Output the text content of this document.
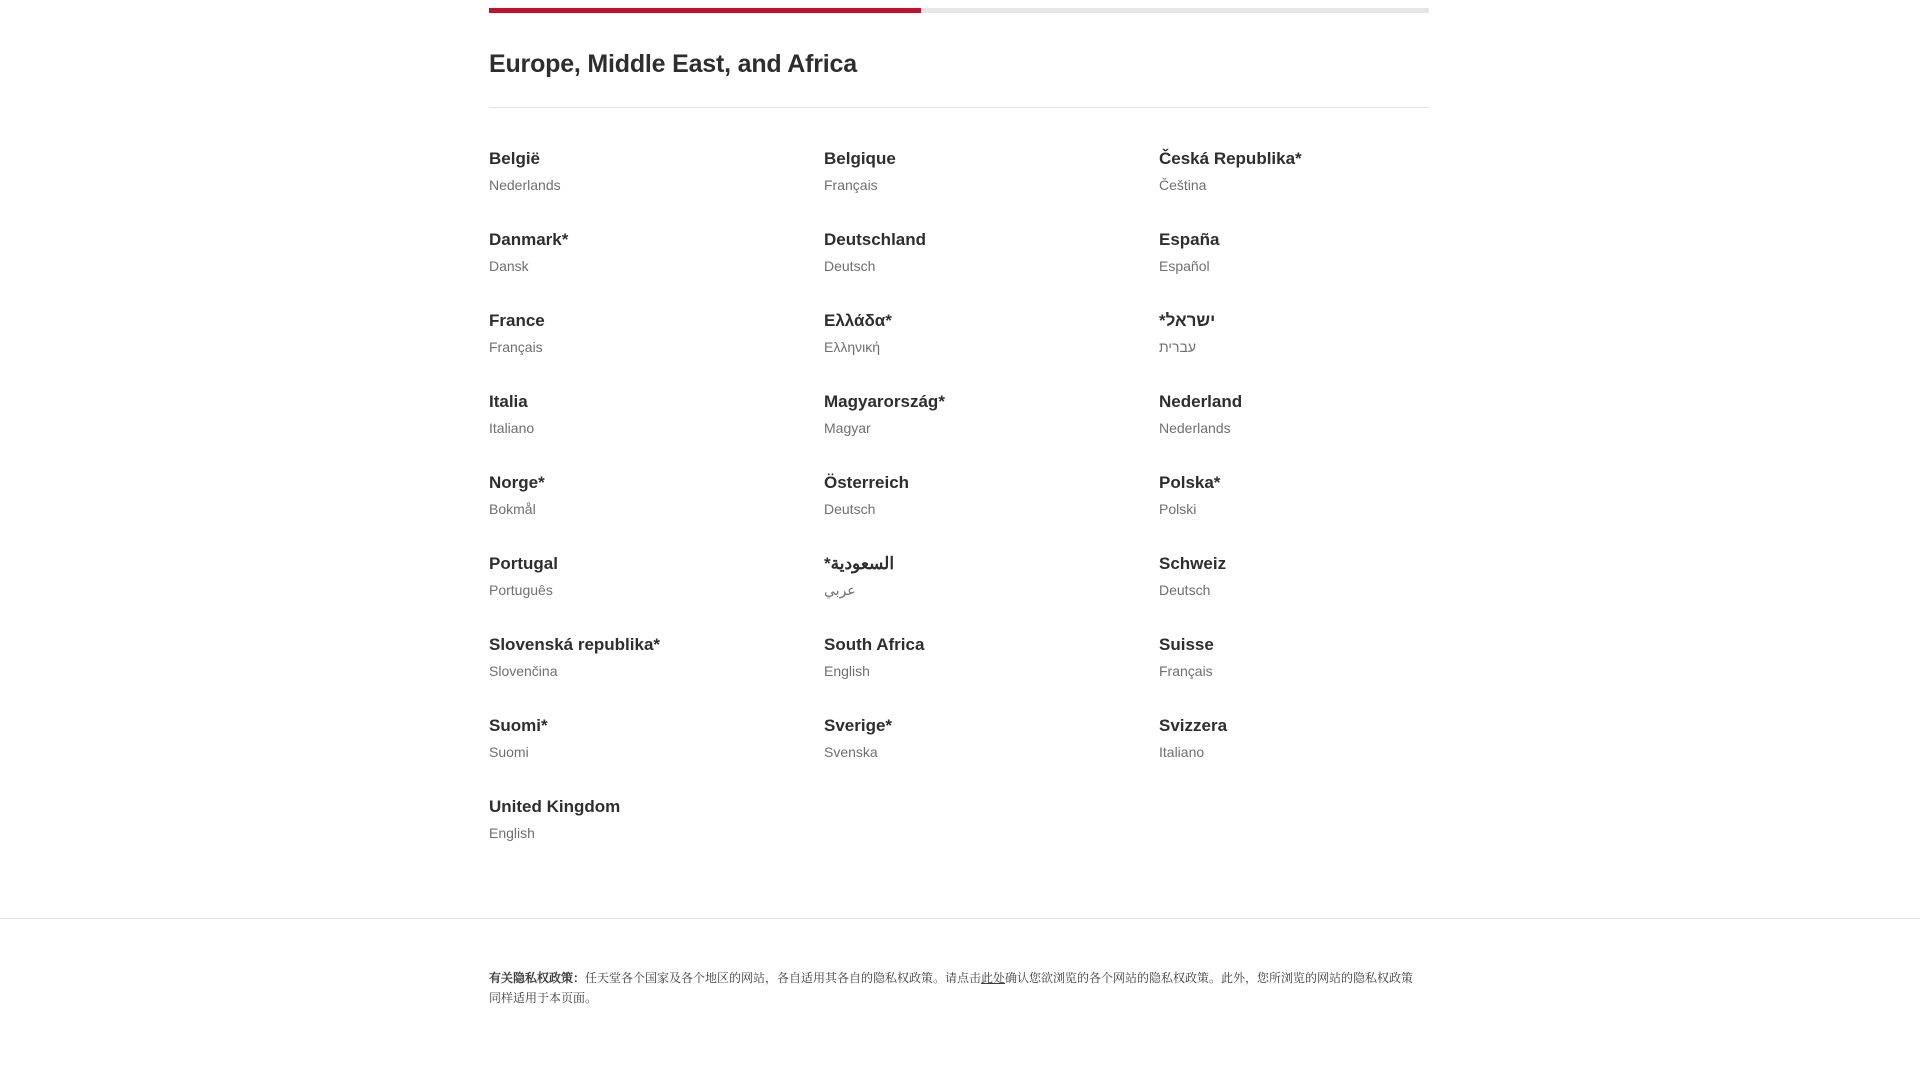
Europe, Middle East, and Africa
België
Nederlands
Belgique
Français
Česká Republika*
Čeština
Danmark*
Dansk
Deutschland
Deutsch
España
Español
France
Français
Ελλάδα*
Ελληνική
ישראל*
עברית
Italia
Italiano
Magyarország*
Magyar
Nederland
Nederlands
Norge*
Bokmål
Österreich
Deutsch
Polska*
Polski
Portugal
Português
السعودية*
عربي
Schweiz
Deutsch
Slovenská republika*
Slovenčina
South Africa
English
Suisse
Français
Suomi*
Suomi
Sverige*
Svenska
Svizzera
Italiano
United Kingdom
English
有关隐私权政策：任天堂各个国家及各个地区的网站，各自适用其各自的隐私权政策。请点击此处确认您欲浏览的各个网站的隐私权政策。此外，您所浏览的网站的隐私权政策同样适用于本页面。
